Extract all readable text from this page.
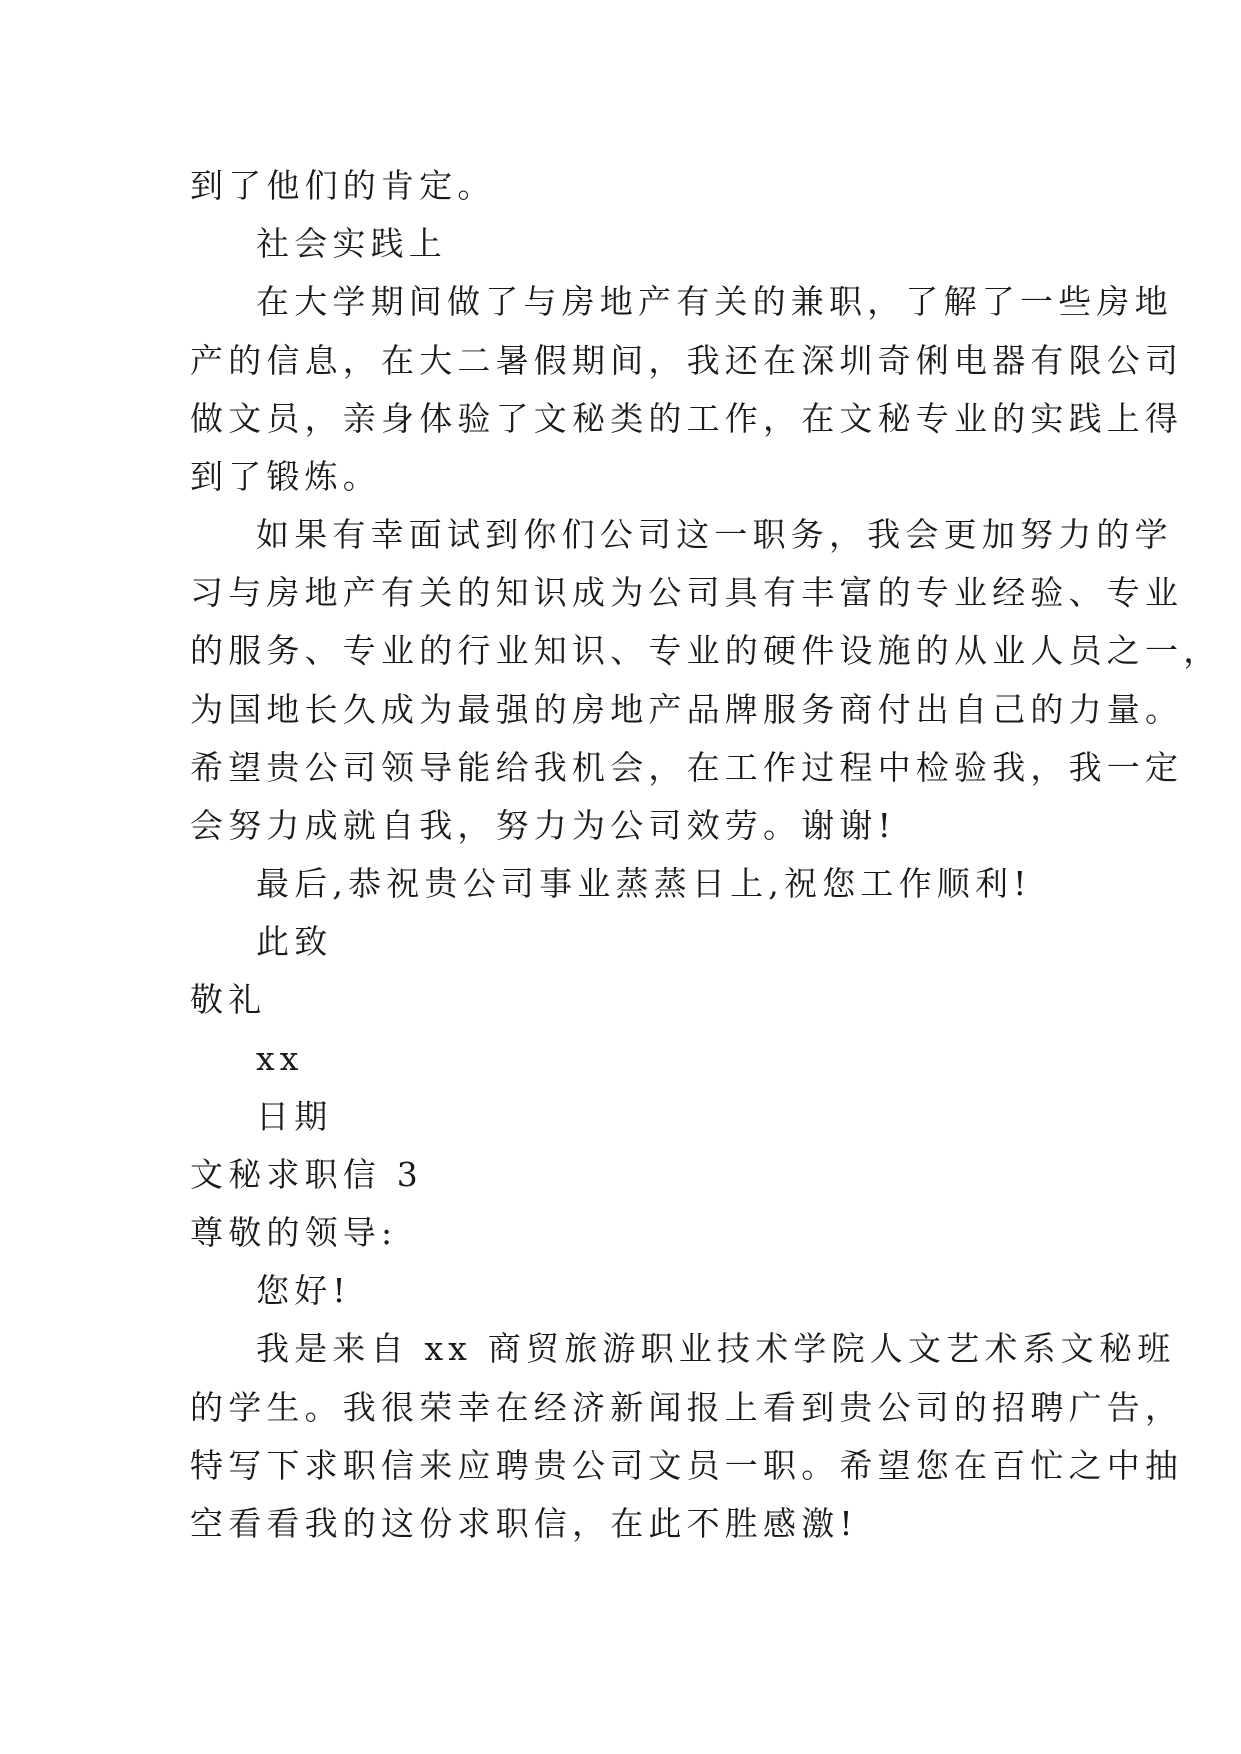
到了他们的肯定。
社会实践上
在大学期间做了与房地产有关的兼职，了解了一些房地
产的信息，在大二暑假期间，我还在深圳奇俐电器有限公司
做文员，亲身体验了文秘类的工作，在文秘专业的实践上得
到了锻炼。
如果有幸面试到你们公司这一职务，我会更加努力的学
习与房地产有关的知识成为公司具有丰富的专业经验、专业
的服务、专业的行业知识、专业的硬件设施的从业人员之一，
为国地长久成为最强的房地产品牌服务商付出自己的力量。
希望贵公司领导能给我机会，在工作过程中检验我，我一定
会努力成就自我，努力为公司效劳。谢谢!
最后,恭祝贵公司事业蒸蒸日上,祝您工作顺利!
此致
敬礼
xx
日期
文秘求职信 3
尊敬的领导:
您好!
我是来自 xx 商贸旅游职业技术学院人文艺术系文秘班
的学生。我很荣幸在经济新闻报上看到贵公司的招聘广告，
特写下求职信来应聘贵公司文员一职。希望您在百忙之中抽
空看看我的这份求职信，在此不胜感激!
